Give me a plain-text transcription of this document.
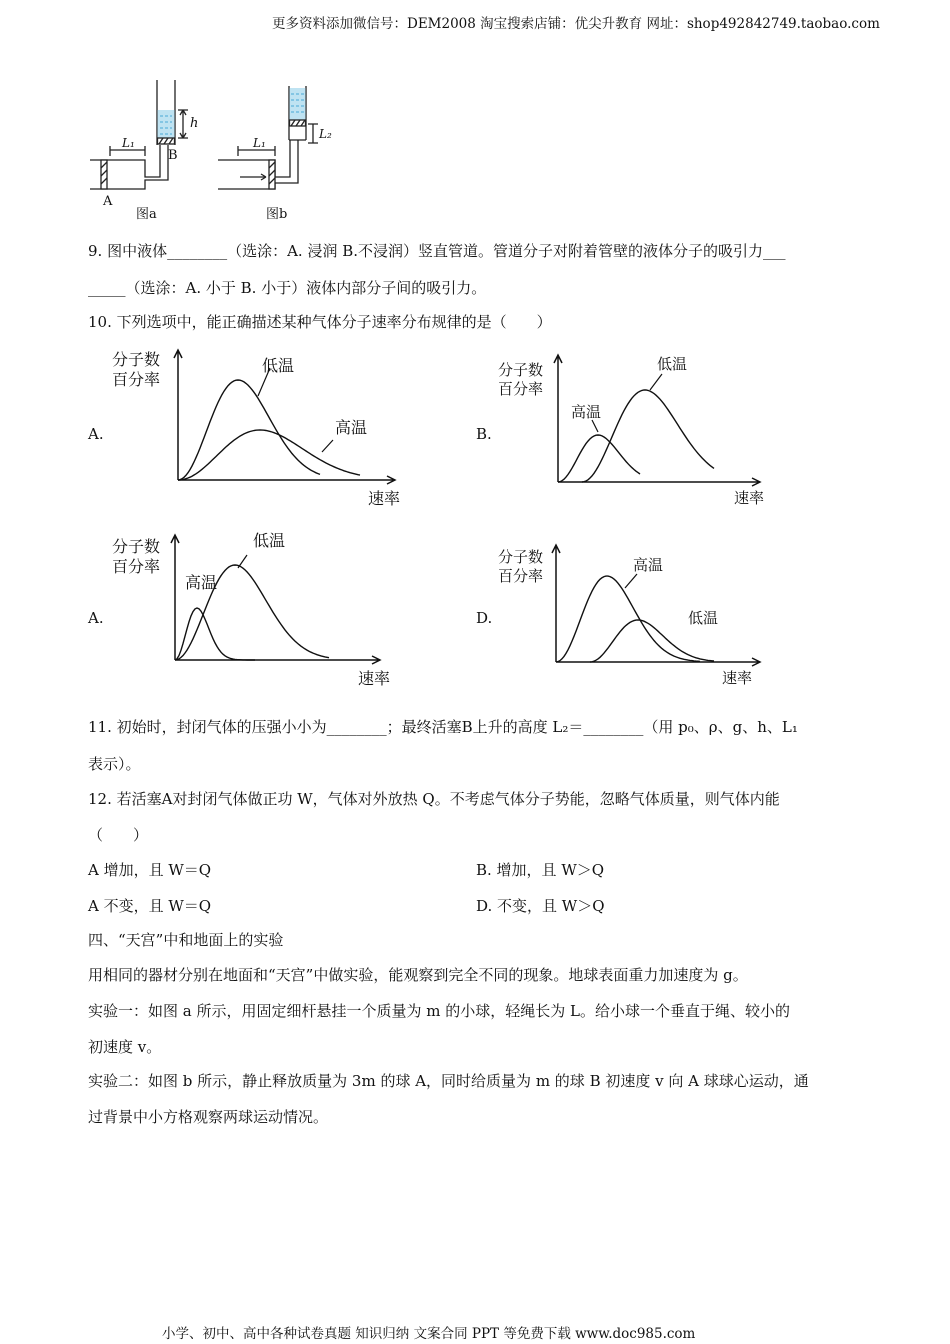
更多资料添加微信号：DEM2008 淘宝搜索店铺：优尖升教育 网址：shop492842749.taobao.com
A
B
h
L₁	L₁
L₂
图a	图b
9. 图中液体________（选涂：A. 浸润 B.不浸润）竖直管道。管道分子对附着管壁的液体分子的吸引力___
_____（选涂：A. 小于 B. 小于）液体内部分子间的吸引力。
10. 下列选项中，能正确描述某种气体分子速率分布规律的是（　　）
A.
分子数
百分率
低温
高温
速率
B.
分子数
百分率
高温
低温
速率
A.
分子数
百分率
高温
低温
速率
D.
分子数
百分率
高温
低温
速率
11. 初始时，封闭气体的压强小小为________；最终活塞B上升的高度 L₂＝________（用 p₀、ρ、g、h、L₁
表示）。
12. 若活塞A对封闭气体做正功 W，气体对外放热 Q。不考虑气体分子势能，忽略气体质量，则气体内能
（　　）
A 增加，且 W＝Q	B. 增加，且 W＞Q
A 不变，且 W＝Q	D. 不变，且 W＞Q
四、“天宫”中和地面上的实验
用相同的器材分别在地面和“天宫”中做实验，能观察到完全不同的现象。地球表面重力加速度为 g。
实验一：如图 a 所示，用固定细杆悬挂一个质量为 m 的小球，轻绳长为 L。给小球一个垂直于绳、较小的
初速度 v。
实验二：如图 b 所示，静止释放质量为 3m 的球 A，同时给质量为 m 的球 B 初速度 v 向 A 球球心运动，通
过背景中小方格观察两球运动情况。
小学、初中、高中各种试卷真题 知识归纳 文案合同 PPT 等免费下载 www.doc985.com
